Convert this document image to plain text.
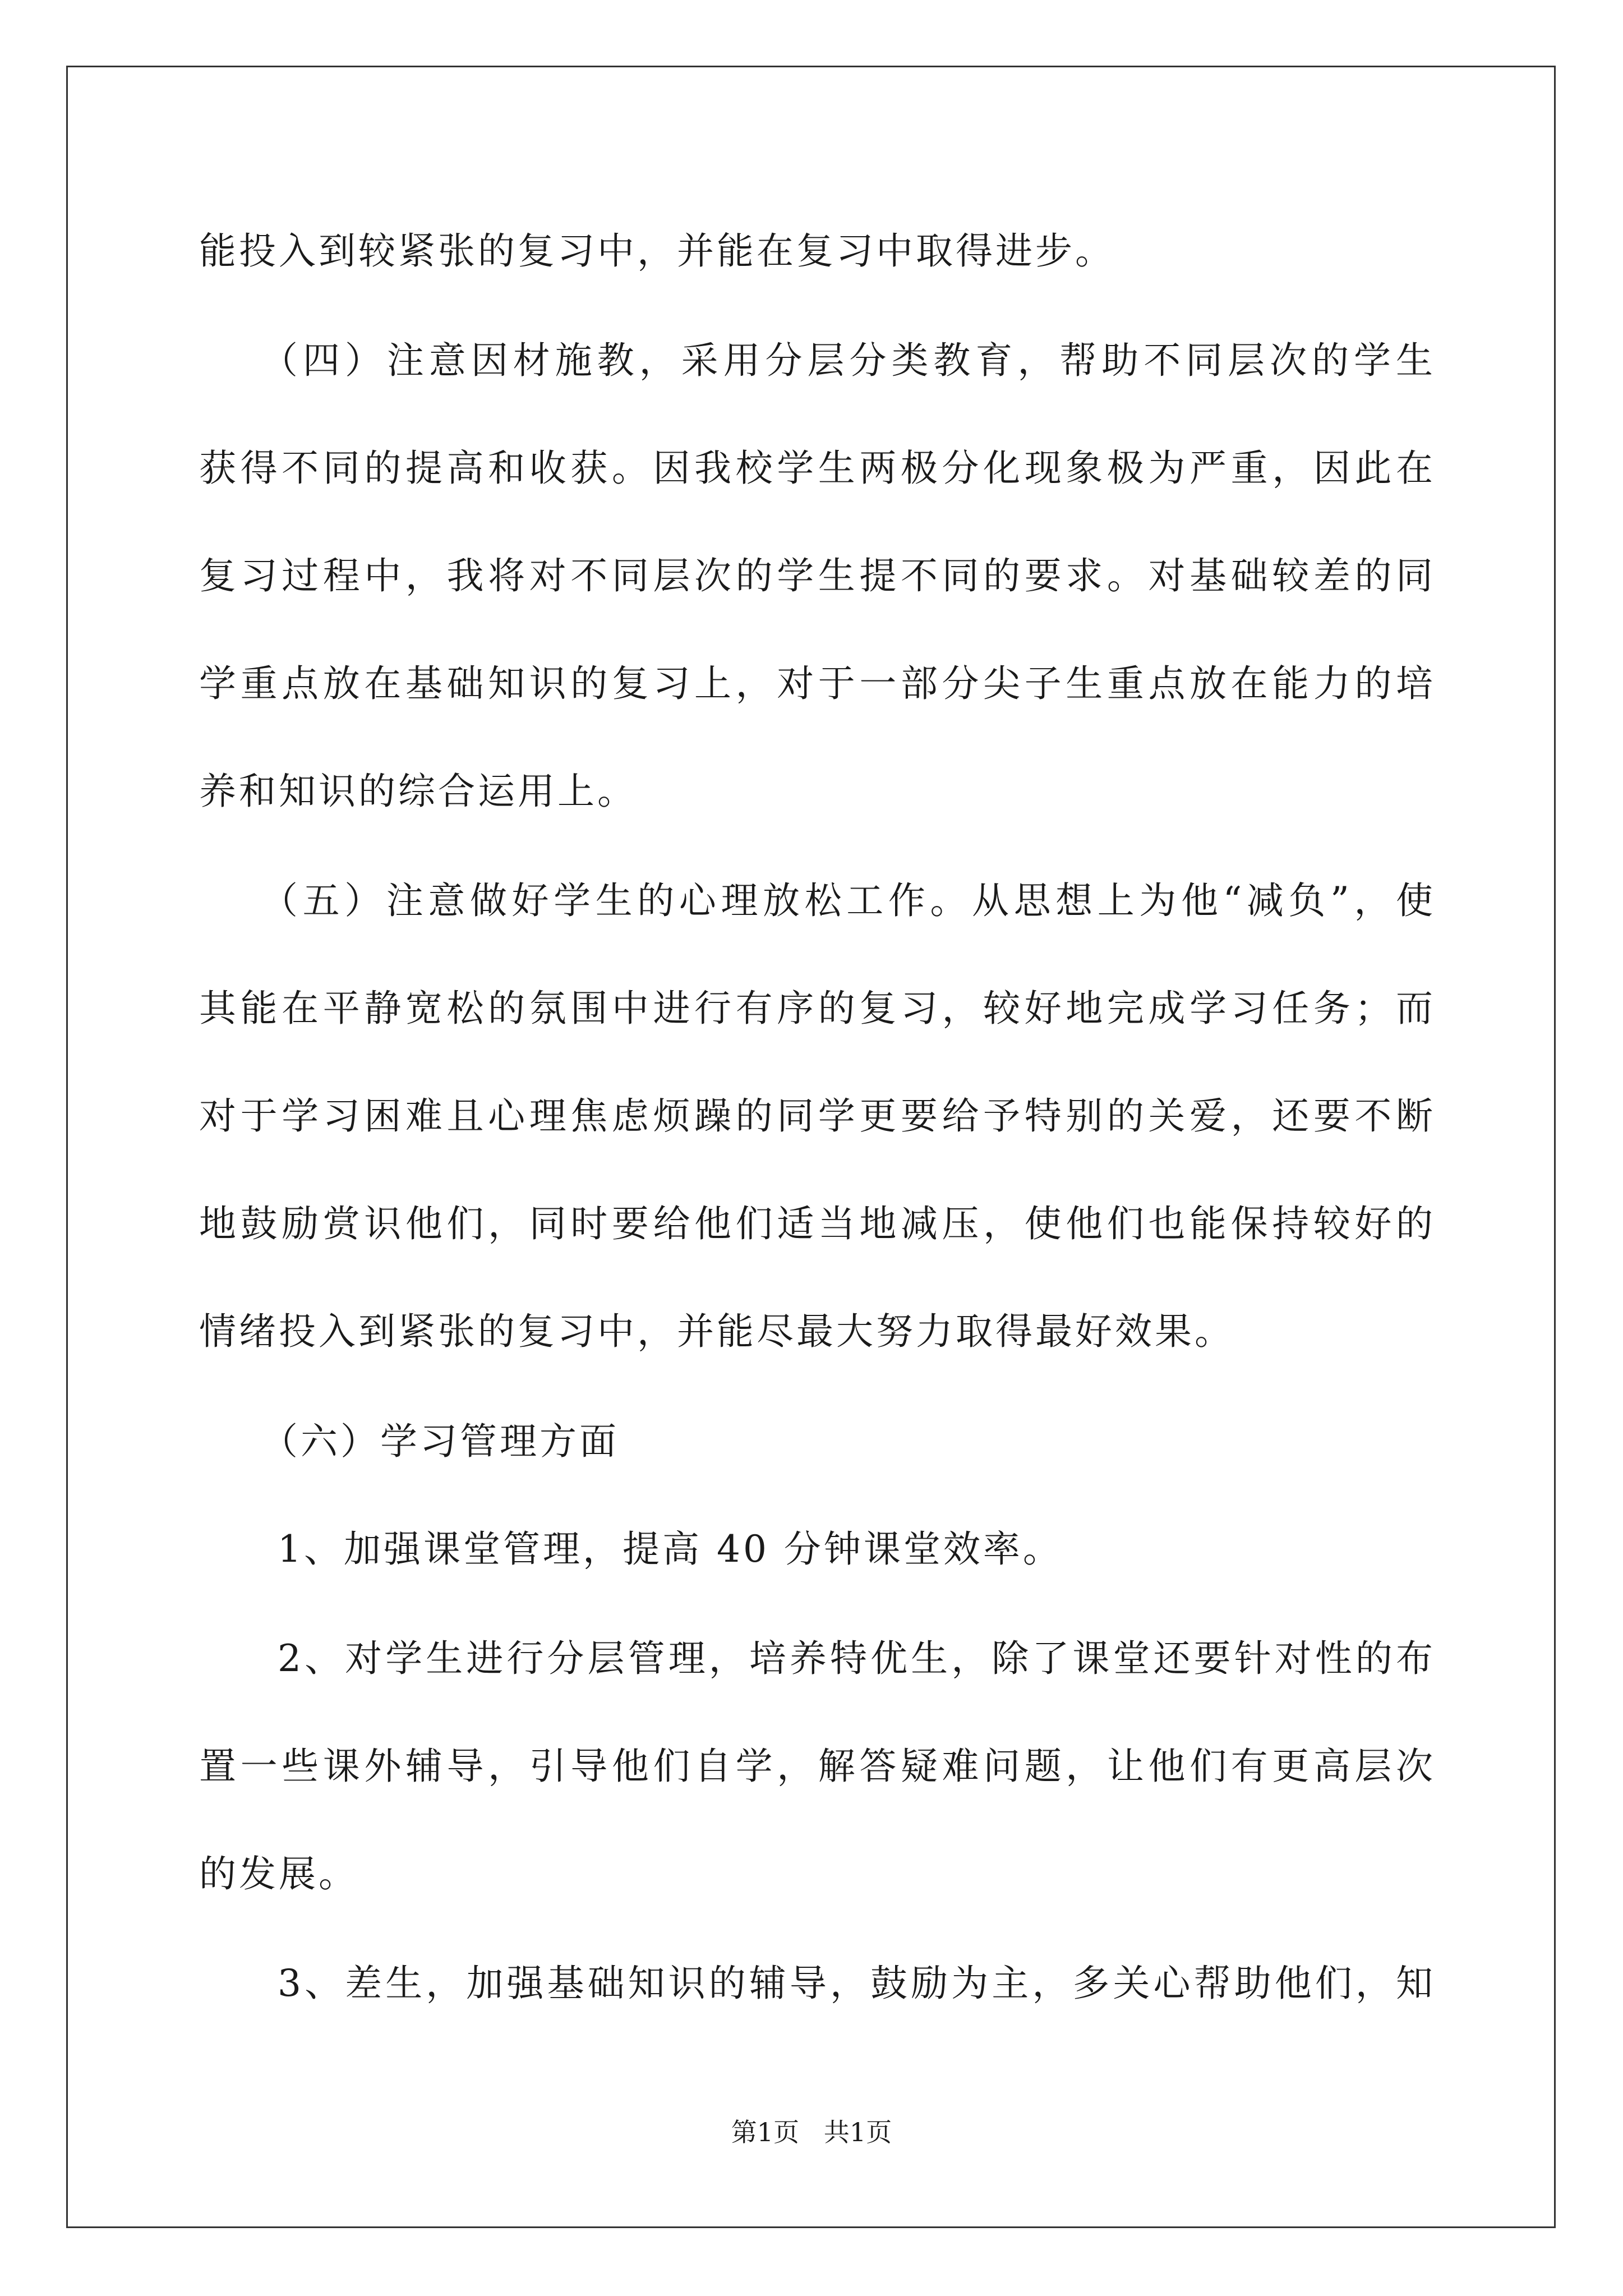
能投入到较紧张的复习中，并能在复习中取得进步。
（四）注意因材施教，采用分层分类教育，帮助不同层次的学生
获得不同的提高和收获。因我校学生两极分化现象极为严重，因此在
复习过程中，我将对不同层次的学生提不同的要求。对基础较差的同
学重点放在基础知识的复习上，对于一部分尖子生重点放在能力的培
养和知识的综合运用上。
（五）注意做好学生的心理放松工作。从思想上为他“减负”，使
其能在平静宽松的氛围中进行有序的复习，较好地完成学习任务；而
对于学习困难且心理焦虑烦躁的同学更要给予特别的关爱，还要不断
地鼓励赏识他们，同时要给他们适当地减压，使他们也能保持较好的
情绪投入到紧张的复习中，并能尽最大努力取得最好效果。
（六）学习管理方面
1、加强课堂管理，提高 40 分钟课堂效率。
2、对学生进行分层管理，培养特优生，除了课堂还要针对性的布
置一些课外辅导，引导他们自学，解答疑难问题，让他们有更高层次
的发展。
3、差生，加强基础知识的辅导，鼓励为主，多关心帮助他们，知
第1页   共1页
